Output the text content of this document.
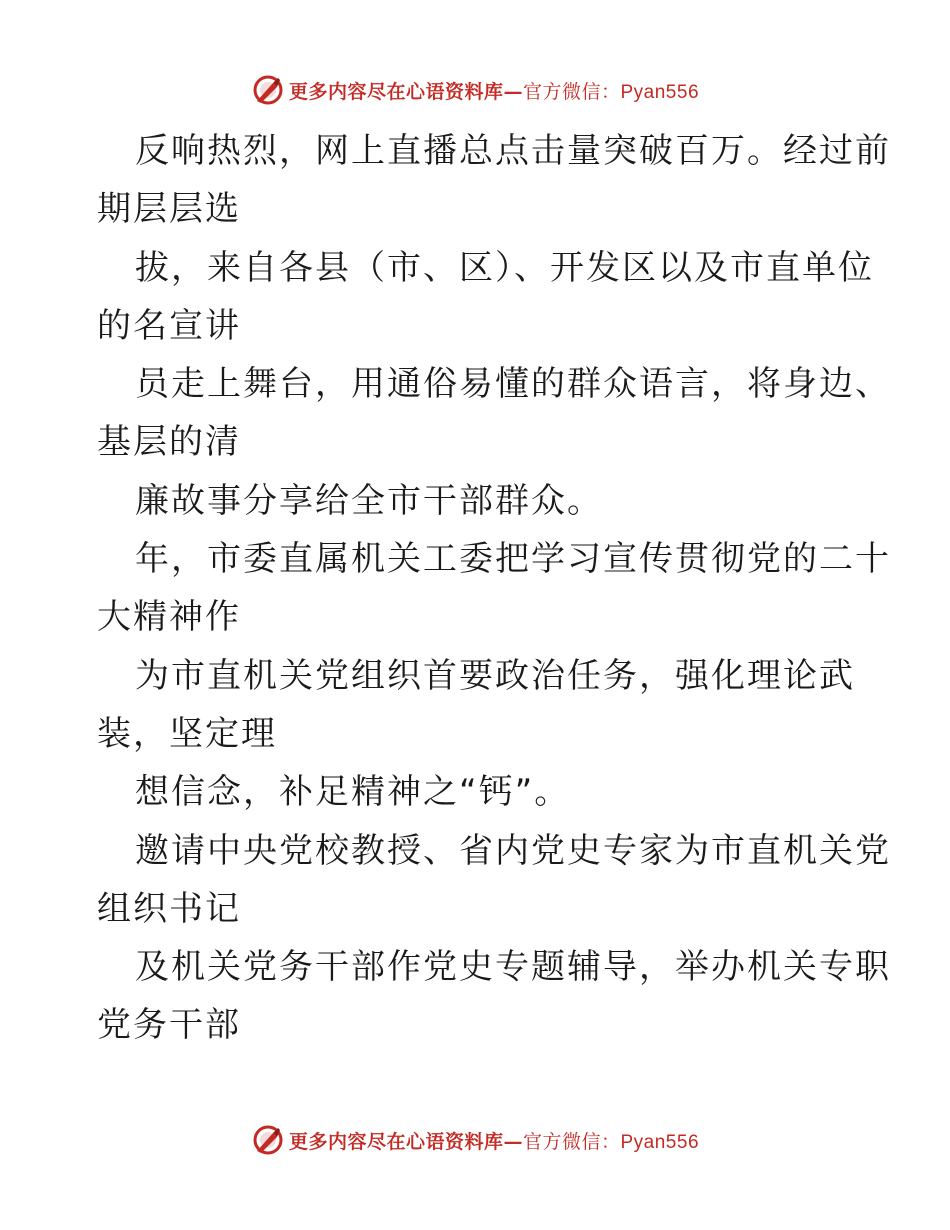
更多内容尽在心语资料库—官方微信：Pyan556
反响热烈，网上直播总点击量突破百万。经过前
期层层选
拔，来自各县（市、区）、开发区以及市直单位
的名宣讲
员走上舞台，用通俗易懂的群众语言，将身边、
基层的清
廉故事分享给全市干部群众。
年，市委直属机关工委把学习宣传贯彻党的二十
大精神作
为市直机关党组织首要政治任务，强化理论武
装，坚定理
想信念，补足精神之“钙”。
邀请中央党校教授、省内党史专家为市直机关党
组织书记
及机关党务干部作党史专题辅导，举办机关专职
党务干部
更多内容尽在心语资料库—官方微信：Pyan556
